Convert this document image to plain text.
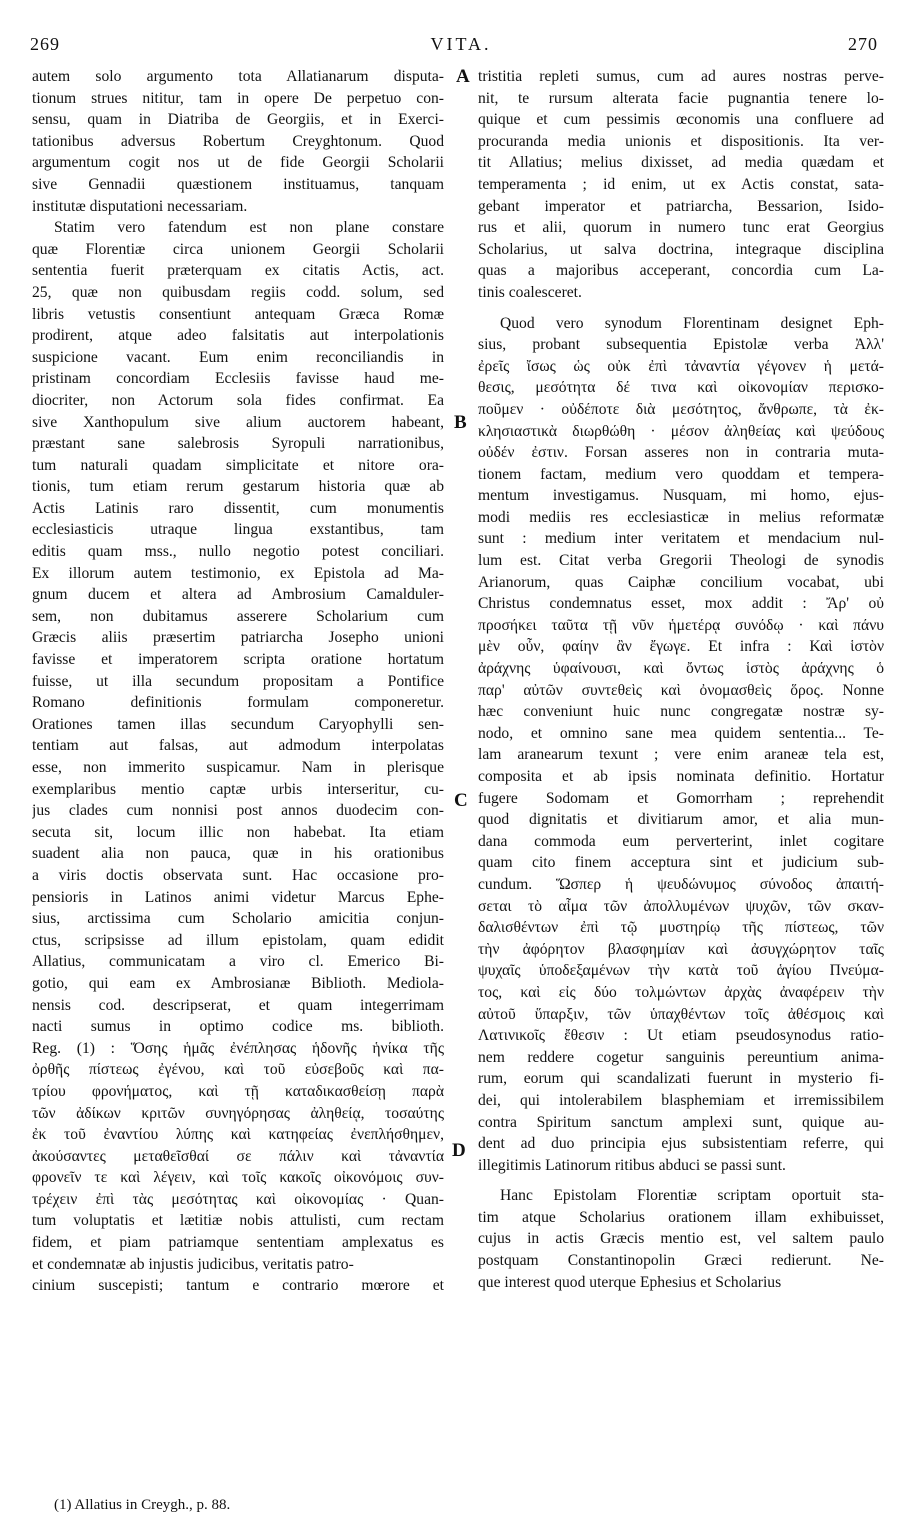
269	VITA.	270
autem solo argumento tota Allatianarum disputa-
tionum strues nititur, tam in opere De perpetuo con-
sensu, quam in Diatriba de Georgiis, et in Exerci-
tationibus adversus Robertum Creyghtonum. Quod
argumentum cogit nos ut de fide Georgii Scholarii
sive Gennadii quæstionem instituamus, tanquam
institutæ disputationi necessariam.
Statim vero fatendum est non plane constare
quæ Florentiæ circa unionem Georgii Scholarii
sententia fuerit præterquam ex citatis Actis, act.
25, quæ non quibusdam regiis codd. solum, sed
libris vetustis consentiunt antequam Græca Romæ
prodirent, atque adeo falsitatis aut interpolationis
suspicione vacant. Eum enim reconciliandis in
pristinam concordiam Ecclesiis favisse haud me-
diocriter, non Actorum sola fides confirmat. Ea
sive Xanthopulum sive alium auctorem habeant,
præstant sane salebrosis Syropuli narrationibus,
tum naturali quadam simplicitate et nitore ora-
tionis, tum etiam rerum gestarum historia quæ ab
Actis Latinis raro dissentit, cum monumentis
ecclesiasticis utraque lingua exstantibus, tam
editis quam mss., nullo negotio potest conciliari.
Ex illorum autem testimonio, ex Epistola ad Ma-
gnum ducem et altera ad Ambrosium Camalduler-
sem, non dubitamus asserere Scholarium cum
Græcis aliis præsertim patriarcha Josepho unioni
favisse et imperatorem scripta oratione hortatum
fuisse, ut illa secundum propositam a Pontifice
Romano definitionis formulam componeretur.
Orationes tamen illas secundum Caryophylli sen-
tentiam aut falsas, aut admodum interpolatas
esse, non immerito suspicamur. Nam in plerisque
exemplaribus mentio captæ urbis interseritur, cu-
jus clades cum nonnisi post annos duodecim con-
secuta sit, locum illic non habebat. Ita etiam
suadent alia non pauca, quæ in his orationibus
a viris doctis observata sunt. Hac occasione pro-
pensioris in Latinos animi videtur Marcus Ephe-
sius, arctissima cum Scholario amicitia conjun-
ctus, scripsisse ad illum epistolam, quam edidit
Allatius, communicatam a viro cl. Emerico Bi-
gotio, qui eam ex Ambrosianæ Biblioth. Mediola-
nensis cod. descripserat, et quam integerrimam
nacti sumus in optimo codice ms. biblioth.
Reg. (1) : Ὅσης ἡμᾶς ἐνέπλησας ἡδονῆς ἡνίκα τῆς
ὀρθῆς πίστεως ἐγένου, καὶ τοῦ εὐσεβοῦς καὶ πα-
τρίου φρονήματος, καὶ τῇ καταδικασθείσῃ παρὰ
τῶν ἀδίκων κριτῶν συνηγόρησας ἀληθείᾳ, τοσαύτης
ἐκ τοῦ ἐναντίου λύπης καὶ κατηφείας ἐνεπλήσθημεν,
ἀκούσαντες μεταθεῖσθαί σε πάλιν καὶ τἀναντία
φρονεῖν τε καὶ λέγειν, καὶ τοῖς κακοῖς οἰκονόμοις συν-
τρέχειν ἐπὶ τὰς μεσότητας καὶ οἰκονομίας · Quan-
tum voluptatis et lætitiæ nobis attulisti, cum rectam
fidem, et piam patriamque sententiam amplexatus es
et condemnatæ ab injustis judicibus, veritatis patro-
cinium suscepisti; tantum e contrario mœrore et
tristitia repleti sumus, cum ad aures nostras perve-
nit, te rursum alterata facie pugnantia tenere lo-
quique et cum pessimis œconomis una confluere ad
procuranda media unionis et dispositionis. Ita ver-
tit Allatius; melius dixisset, ad media quædam et
temperamenta ; id enim, ut ex Actis constat, sata-
gebant imperator et patriarcha, Bessarion, Isido-
rus et alii, quorum in numero tunc erat Georgius
Scholarius, ut salva doctrina, integraque disciplina
quas a majoribus acceperant, concordia cum La-
tinis coalesceret.
Quod vero synodum Florentinam designet Eph-
sius, probant subsequentia Epistolæ verba Ἀλλ'
ἐρεῖς ἴσως ὡς οὐκ ἐπὶ τἀναντία γέγονεν ἡ μετά-
θεσις, μεσότητα δέ τινα καὶ οἰκονομίαν περισκο-
ποῦμεν · οὐδέποτε διὰ μεσότητος, ἄνθρωπε, τὰ ἐκ-
κλησιαστικὰ διωρθώθη · μέσον ἀληθείας καὶ ψεύδους
οὐδέν ἐστιν. Forsan asseres non in contraria muta-
tionem factam, medium vero quoddam et tempera-
mentum investigamus. Nusquam, mi homo, ejus-
modi mediis res ecclesiasticæ in melius reformatæ
sunt : medium inter veritatem et mendacium nul-
lum est. Citat verba Gregorii Theologi de synodis
Arianorum, quas Caiphæ concilium vocabat, ubi
Christus condemnatus esset, mox addit : Ἄρ' οὐ
προσήκει ταῦτα τῇ νῦν ἡμετέρᾳ συνόδῳ · καὶ πάνυ
μὲν οὖν, φαίην ἂν ἔγωγε. Et infra : Καὶ ἱστὸν
ἀράχνης ὑφαίνουσι, καὶ ὄντως ἱστὸς ἀράχνης ὁ
παρ' αὐτῶν συντεθεὶς καὶ ὀνομασθεὶς ὅρος. Nonne
hæc conveniunt huic nunc congregatæ nostræ sy-
nodo, et omnino sane mea quidem sententia... Te-
lam aranearum texunt ; vere enim araneæ tela est,
composita et ab ipsis nominata definitio. Hortatur
fugere Sodomam et Gomorrham ; reprehendit
quod dignitatis et divitiarum amor, et alia mun-
dana commoda eum perverterint, inlet cogitare
quam cito finem acceptura sint et judicium sub-
cundum. Ὥσπερ ἡ ψευδώνυμος σύνοδος ἀπαιτή-
σεται τὸ αἷμα τῶν ἀπολλυμένων ψυχῶν, τῶν σκαν-
δαλισθέντων ἐπὶ τῷ μυστηρίῳ τῆς πίστεως, τῶν
τὴν ἀφόρητον βλασφημίαν καὶ ἀσυγχώρητον ταῖς
ψυχαῖς ὑποδεξαμένων τὴν κατὰ τοῦ ἁγίου Πνεύμα-
τος, καὶ εἰς δύο τολμώντων ἀρχὰς ἀναφέρειν τὴν
αὐτοῦ ὕπαρξιν, τῶν ὑπαχθέντων τοῖς ἀθέσμοις καὶ
Λατινικοῖς ἔθεσιν : Ut etiam pseudosynodus ratio-
nem reddere cogetur sanguinis pereuntium anima-
rum, eorum qui scandalizati fuerunt in mysterio fi-
dei, qui intolerabilem blasphemiam et irremissibilem
contra Spiritum sanctum amplexi sunt, quique au-
dent ad duo principia ejus subsistentiam referre, qui
illegitimis Latinorum ritibus abduci se passi sunt.
Hanc Epistolam Florentiæ scriptam oportuit sta-
tim atque Scholarius orationem illam exhibuisset,
cujus in actis Græcis mentio est, vel saltem paulo
postquam Constantinopolin Græci redierunt. Ne-
que interest quod uterque Ephesius et Scholarius
A
B
C
D
(1) Allatius in Creygh., p. 88.
